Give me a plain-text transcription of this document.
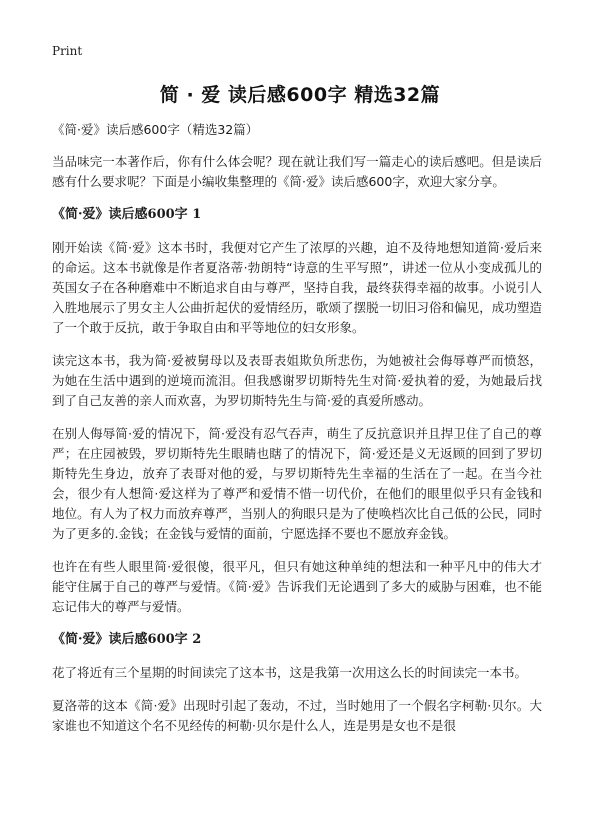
Print
简 · 爱 读后感600字 精选32篇
《简·爱》读后感600字（精选32篇）

当品味完一本著作后，你有什么体会呢？现在就让我们写一篇走心的读后感吧。但是读后感有什么要求呢？下面是小编收集整理的《简·爱》读后感600字，欢迎大家分享。

《简·爱》读后感600字 1

刚开始读《简·爱》这本书时，我便对它产生了浓厚的兴趣，迫不及待地想知道简·爱后来的命运。这本书就像是作者夏洛蒂·勃朗特“诗意的生平写照”，讲述一位从小变成孤儿的英国女子在各种磨难中不断追求自由与尊严，坚持自我，最终获得幸福的故事。小说引人入胜地展示了男女主人公曲折起伏的爱情经历，歌颂了摆脱一切旧习俗和偏见，成功塑造了一个敢于反抗，敢于争取自由和平等地位的妇女形象。

读完这本书，我为简·爱被舅母以及表哥表姐欺负所悲伤，为她被社会侮辱尊严而愤怒，为她在生活中遇到的逆境而流泪。但我感谢罗切斯特先生对简·爱执着的爱，为她最后找到了自己友善的亲人而欢喜，为罗切斯特先生与简·爱的真爱所感动。

在别人侮辱简·爱的情况下，简·爱没有忍气吞声，萌生了反抗意识并且捍卫住了自己的尊严；在庄园被毁，罗切斯特先生眼睛也瞎了的情况下，简·爱还是义无返顾的回到了罗切斯特先生身边，放弃了表哥对他的爱，与罗切斯特先生幸福的生活在了一起。在当今社会，很少有人想简·爱这样为了尊严和爱情不惜一切代价，在他们的眼里似乎只有金钱和地位。有人为了权力而放弃尊严，当别人的狗眼只是为了使唤档次比自己低的公民，同时为了更多的.金钱；在金钱与爱情的面前，宁愿选择不要也不愿放弃金钱。

也许在有些人眼里简·爱很傻，很平凡，但只有她这种单纯的想法和一种平凡中的伟大才能守住属于自己的尊严与爱情。《简·爱》告诉我们无论遇到了多大的威胁与困难，也不能忘记伟大的尊严与爱情。

《简·爱》读后感600字 2

花了将近有三个星期的时间读完了这本书，这是我第一次用这么长的时间读完一本书。

夏洛蒂的这本《简·爱》出现时引起了轰动，不过，当时她用了一个假名字柯勒·贝尔。大家谁也不知道这个名不见经传的柯勒·贝尔是什么人，连是男是女也不是很
